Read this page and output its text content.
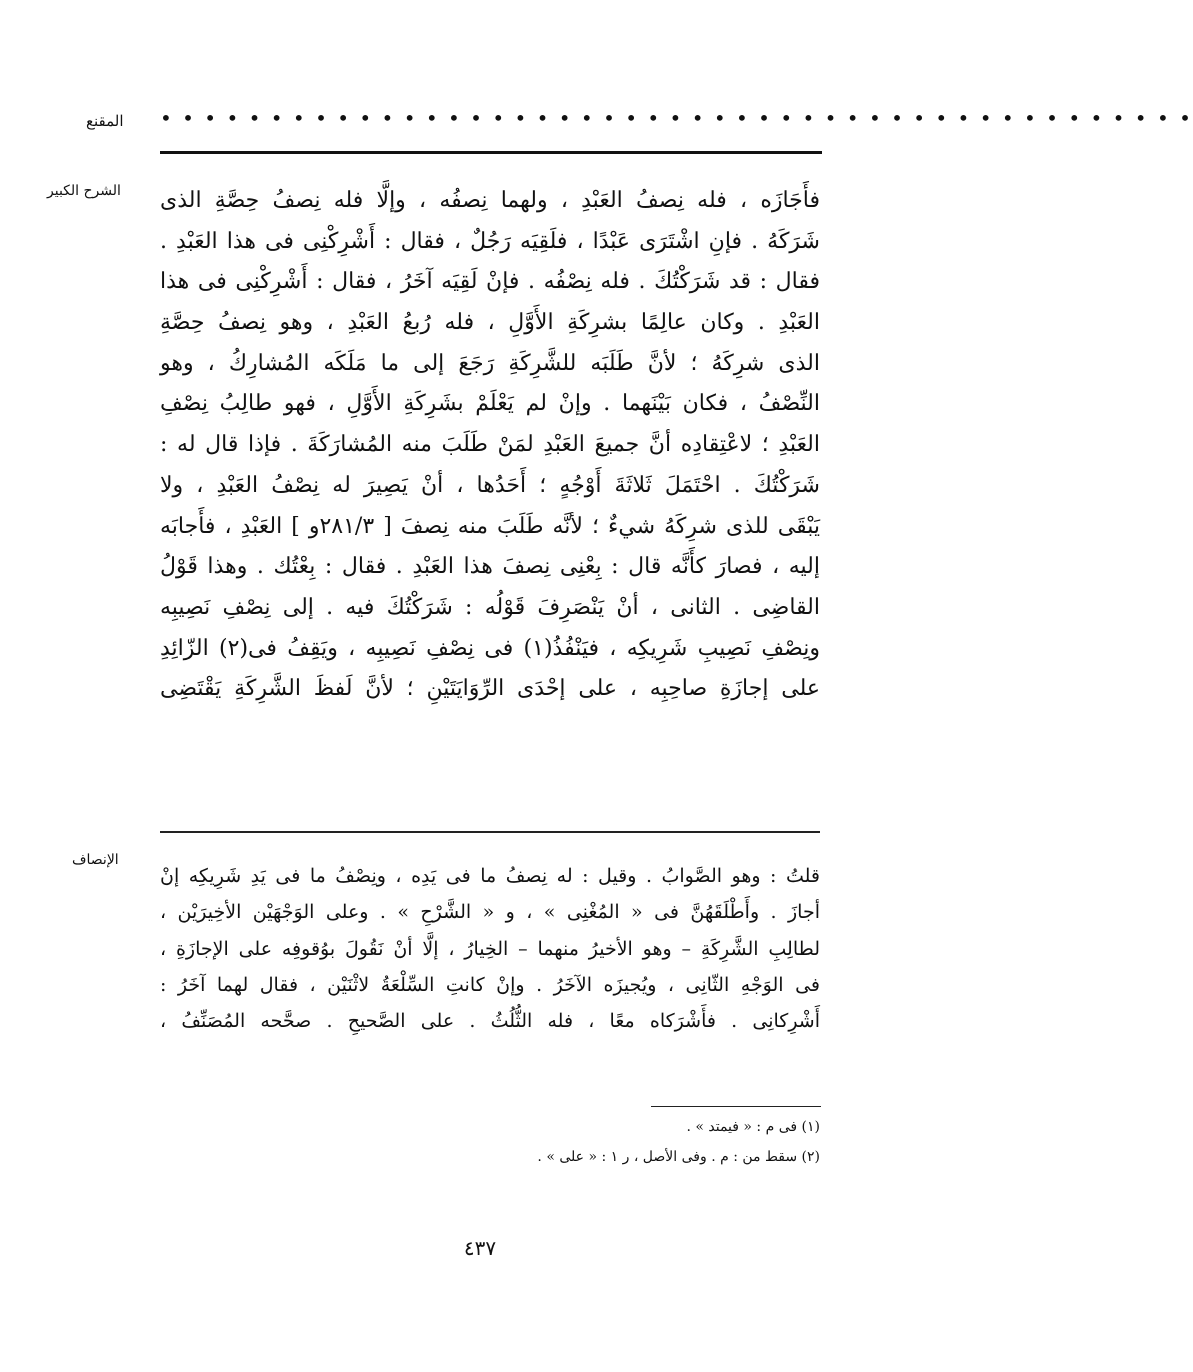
المقنع	• • • • • • • • • • • • • • • • • • • • • • • • • • • • • • • • • • • • • • • • • • • • • • •
الشرح الكبير فأَجَازَه ، فله نِصفُ العَبْدِ ، ولهما نِصفُه ، وإلَّا فله نِصفُ حِصَّةِ الذى
شَرَكَهُ . فإنِ اشْتَرَى عَبْدًا ، فلَقِيَه رَجُلٌ ، فقال : أَشْرِكْنِى فى هذا العَبْدِ .
فقال : قد شَرَكْتُكَ . فله نِصْفُه . فإنْ لَقِيَه آخَرُ ، فقال : أَشْرِكْنِى فى هذا
العَبْدِ . وكان عالِمًا بشرِكَةِ الأَوَّلِ ، فله رُبعُ العَبْدِ ، وهو نِصفُ حِصَّةِ
الذى شرِكَهُ ؛ لأنَّ طَلَبَه للشَّرِكَةِ رَجَعَ إلى ما مَلَكَه المُشارِكُ ، وهو
النِّصْفُ ، فكان بَيْنَهما . وإنْ لم يَعْلَمْ بشَرِكَةِ الأَوَّلِ ، فهو طالِبُ نِصْفِ
العَبْدِ ؛ لاعْتِقادِه أنَّ جميعَ العَبْدِ لمَنْ طَلَبَ منه المُشارَكَةَ . فإذا قال له :
شَرَكْتُكَ . احْتَمَلَ ثَلاثَةَ أَوْجُهٍ ؛ أَحَدُها ، أنْ يَصِيرَ له نِصْفُ العَبْدِ ، ولا
يَبْقَى للذى شرِكَهُ شيءٌ ؛ لأنَّه طَلَبَ منه نِصفَ [ ٢٨١/٣و ] العَبْدِ ، فأَجابَه
إليه ، فصارَ كأَنَّه قال : بِعْنِى نِصفَ هذا العَبْدِ . فقال : بِعْتُك . وهذا قَوْلُ
القاضِى . الثانى ، أنْ يَنْصَرِفَ قَوْلُه : شَرَكْتُكَ فيه . إلى نِصْفِ نَصِيبِه
ونِصْفِ نَصِيبِ شَرِيكِه ، فيَنْفُذُ(١) فى نِصْفِ نَصِيبِه ، ويَقِفُ فى(٢) الزّائِدِ
على إجازَةِ صاحِبِه ، على إحْدَى الرِّوَايَتَيْنِ ؛ لأنَّ لَفظَ الشَّرِكَةِ يَقْتَضِى
الإنصاف
قلتُ : وهو الصَّوابُ . وقيل : له نِصفُ ما فى يَدِه ، ونِصْفُ ما فى يَدِ شَرِيكِه إنْ
أجازَ . وأَطْلَقَهُنَّ فى « المُغْنِى » ، و « الشَّرْحِ » . وعلى الوَجْهَيْن الأخِيرَيْن ،
لطالِبِ الشَّرِكَةِ – وهو الأخيرُ منهما – الخِيارُ ، إلَّا أنْ نَقُولَ بوُقوفِه على الإجازَةِ ،
فى الوَجْهِ الثّانِى ، ويُجيزَه الآخَرُ . وإنْ كانتِ السِّلْعَةُ لاثْنَيْن ، فقال لهما آخَرُ :
أَشْرِكانِى . فأَشْرَكاه معًا ، فله الثُّلُثُ . على الصَّحيحِ . صحَّحه المُصَنِّفُ ،
(١) فى م : « فيمتد » .
(٢) سقط من : م . وفى الأصل ، ر ١ : « على » .
٤٣٧
